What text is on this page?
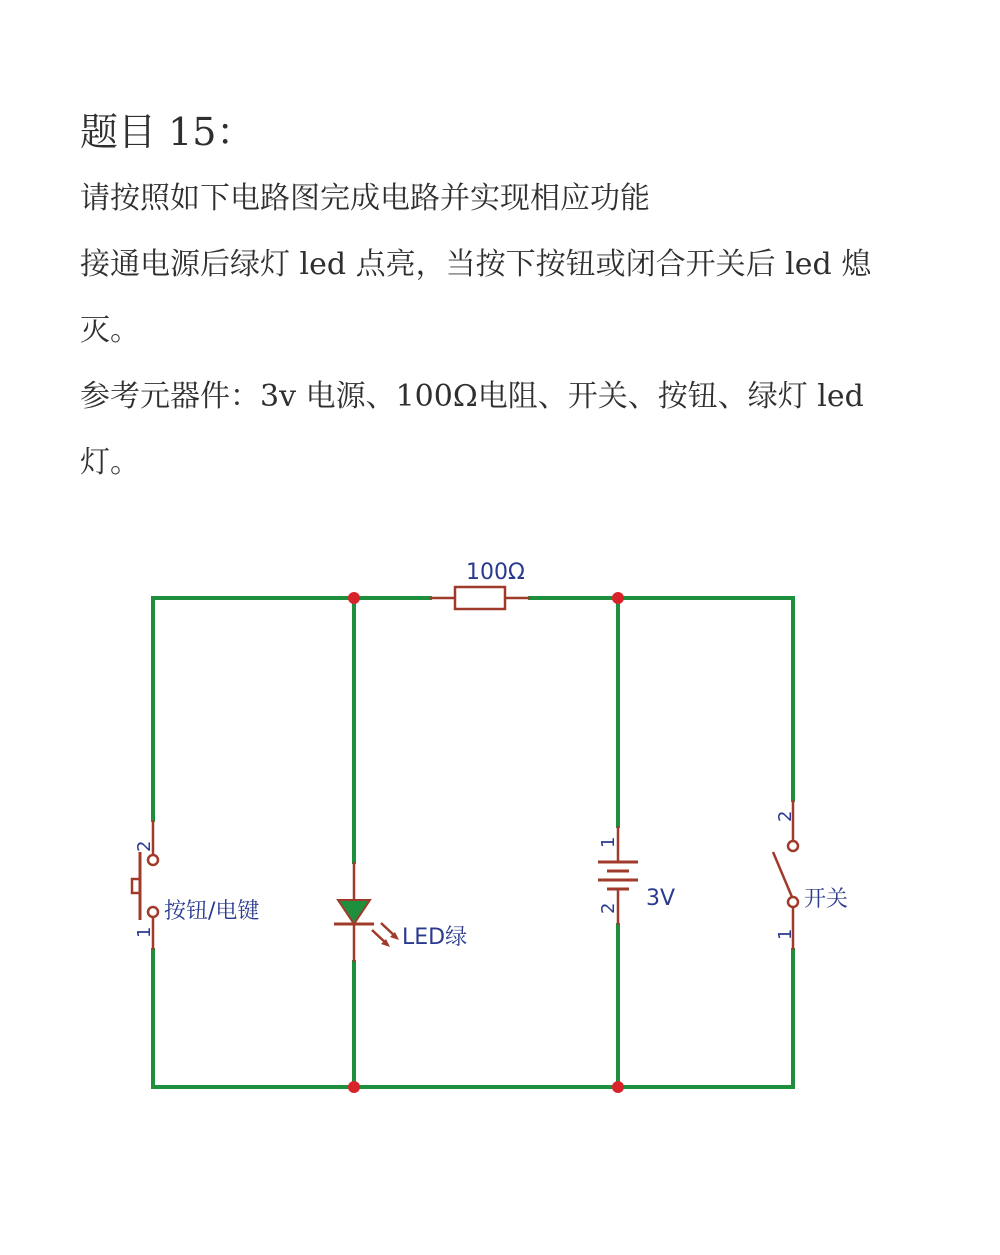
题目 15：

请按照如下电路图完成电路并实现相应功能

接通电源后绿灯 led 点亮，当按下按钮或闭合开关后 led 熄

灭。

参考元器件：3v 电源、100Ω电阻、开关、按钮、绿灯 led

灯。

100Ω
2
1
按钮/电键
LED绿
1
2 3V
2
1
开关
